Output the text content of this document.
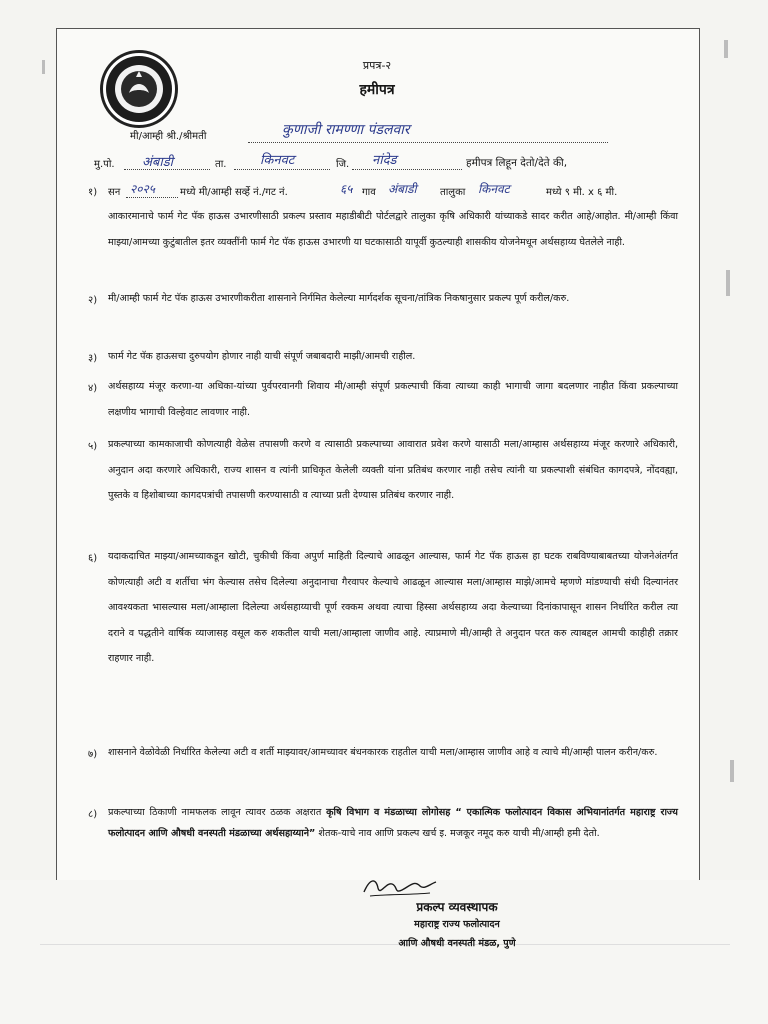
प्रपत्र-२
हमीपत्र
मी/आम्ही श्री./श्रीमती	कुणाजी रामण्णा पंडलवार
मु.पो. अंबाडी	ता.	किनवट	जि. नांदेड	हमीपत्र लिहून देतो/देते की,
१) सन २०२५	मध्ये मी/आम्ही सर्व्हे नं./गट नं.	६५ गाव अंबाडी तालुका किनवट	मध्ये ९ मी. x ६ मी.
आकारमानाचे फार्म गेट पॅक हाऊस उभारणीसाठी प्रकल्प प्रस्ताव महाडीबीटी पोर्टलद्वारे तालुका कृषि अधिकारी यांच्याकडे सादर करीत आहे/आहोत. मी/आम्ही किंवा माझ्या/आमच्या कुटुंबातील इतर व्यक्तींनी फार्म गेट पॅक हाऊस उभारणी या घटकासाठी यापूर्वी कुठल्याही शासकीय योजनेमधून अर्थसहाय्य घेतलेले नाही.
२) मी/आम्ही फार्म गेट पॅक हाऊस उभारणीकरीता शासनाने निर्गमित केलेल्या मार्गदर्शक सूचना/तांत्रिक निकषानुसार प्रकल्प पूर्ण करील/करु.
३) फार्म गेट पॅक हाऊसचा दुरुपयोग होणार नाही याची संपूर्ण जबाबदारी माझी/आमची राहील.
४) अर्थसहाय्य मंजूर करणा-या अधिका-यांच्या पुर्वपरवानगी शिवाय मी/आम्ही संपूर्ण प्रकल्पाची किंवा त्याच्या काही भागाची जागा बदलणार नाहीत किंवा प्रकल्पाच्या लक्षणीय भागाची विल्हेवाट लावणार नाही.
५) प्रकल्पाच्या कामकाजाची कोणत्याही वेळेस तपासणी करणे व त्यासाठी प्रकल्पाच्या आवारात प्रवेश करणे यासाठी मला/आम्हास अर्थसहाय्य मंजूर करणारे अधिकारी, अनुदान अदा करणारे अधिकारी, राज्य शासन व त्यांनी प्राधिकृत केलेली व्यक्ती यांना प्रतिबंध करणार नाही तसेच त्यांनी या प्रकल्पाशी संबंधित कागदपत्रे, नोंदवह्या, पुस्तके व हिशोबाच्या कागदपत्रांची तपासणी करण्यासाठी व त्याच्या प्रती देण्यास प्रतिबंध करणार नाही.
६) यदाकदाचित माझ्या/आमच्याकडून खोटी, चुकीची किंवा अपुर्ण माहिती दिल्याचे आढळून आल्यास, फार्म गेट पॅक हाऊस हा घटक राबविण्याबाबतच्या योजनेअंतर्गत कोणत्याही अटी व शर्तीचा भंग केल्यास तसेच दिलेल्या अनुदानाचा गैरवापर केल्याचे आढळून आल्यास मला/आम्हास माझे/आमचे म्हणणे मांडण्याची संधी दिल्यानंतर आवश्यकता भासल्यास मला/आम्हाला दिलेल्या अर्थसहाय्याची पूर्ण रक्कम अथवा त्याचा हिस्सा अर्थसहाय्य अदा केल्याच्या दिनांकापासून शासन निर्धारित करील त्या दराने व पद्धतीने वार्षिक व्याजासह वसूल करु शकतील याची मला/आम्हाला जाणीव आहे. त्याप्रमाणे मी/आम्ही ते अनुदान परत करु त्याबद्दल आमची काहीही तक्रार राहणार नाही.
७) शासनाने वेळोवेळी निर्धारित केलेल्या अटी व शर्ती माझ्यावर/आमच्यावर बंधनकारक राहतील याची मला/आम्हास जाणीव आहे व त्याचे मी/आम्ही पालन करीन/करु.
८) प्रकल्पाच्या ठिकाणी नामफलक लावून त्यावर ठळक अक्षरात कृषि विभाग व मंडळाच्या लोगोसह “ एकात्मिक फलोत्पादन विकास अभियानांतर्गत महाराष्ट्र राज्य फलोत्पादन आणि औषधी वनस्पती मंडळाच्या अर्थसहाय्याने” शेतक-याचे नाव आणि प्रकल्प खर्च इ. मजकूर नमूद करु याची मी/आम्ही हमी देतो.
प्रकल्प व्यवस्थापक
महाराष्ट्र राज्य फलोत्पादन
आणि औषधी वनस्पती मंडळ, पुणे
